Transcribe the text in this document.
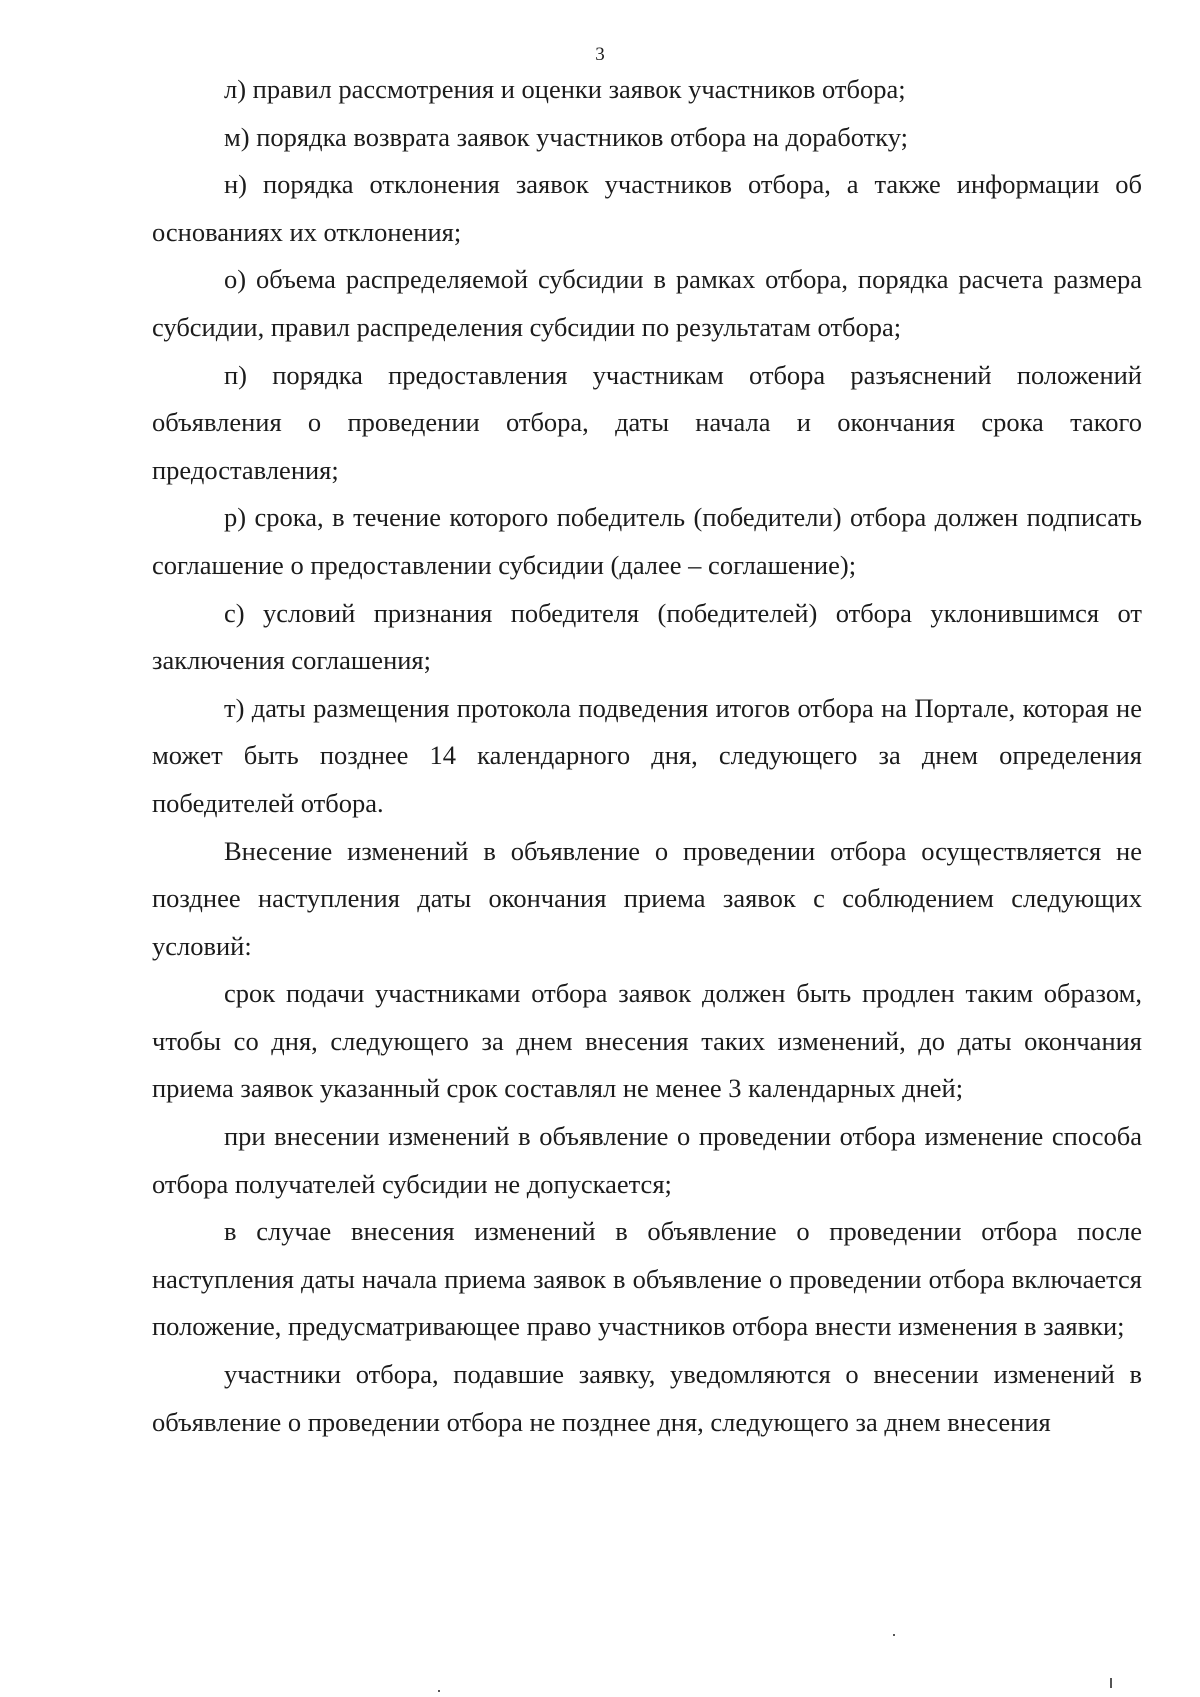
3

л) правил рассмотрения и оценки заявок участников отбора;

м) порядка возврата заявок участников отбора на доработку;

н) порядка отклонения заявок участников отбора, а также информации об основаниях их отклонения;

о) объема распределяемой субсидии в рамках отбора, порядка расчета размера субсидии, правил распределения субсидии по результатам отбора;

п) порядка предоставления участникам отбора разъяснений положений объявления о проведении отбора, даты начала и окончания срока такого предоставления;

р) срока, в течение которого победитель (победители) отбора должен подписать соглашение о предоставлении субсидии (далее – соглашение);

с) условий признания победителя (победителей) отбора уклонившимся от заключения соглашения;

т) даты размещения протокола подведения итогов отбора на Портале, которая не может быть позднее 14 календарного дня, следующего за днем определения победителей отбора.

Внесение изменений в объявление о проведении отбора осуществляется не позднее наступления даты окончания приема заявок с соблюдением следующих условий:

срок подачи участниками отбора заявок должен быть продлен таким образом, чтобы со дня, следующего за днем внесения таких изменений, до даты окончания приема заявок указанный срок составлял не менее 3 календарных дней;

при внесении изменений в объявление о проведении отбора изменение способа отбора получателей субсидии не допускается;

в случае внесения изменений в объявление о проведении отбора после наступления даты начала приема заявок в объявление о проведении отбора включается положение, предусматривающее право участников отбора внести изменения в заявки;

участники отбора, подавшие заявку, уведомляются о внесении изменений в объявление о проведении отбора не позднее дня, следующего за днем внесения
